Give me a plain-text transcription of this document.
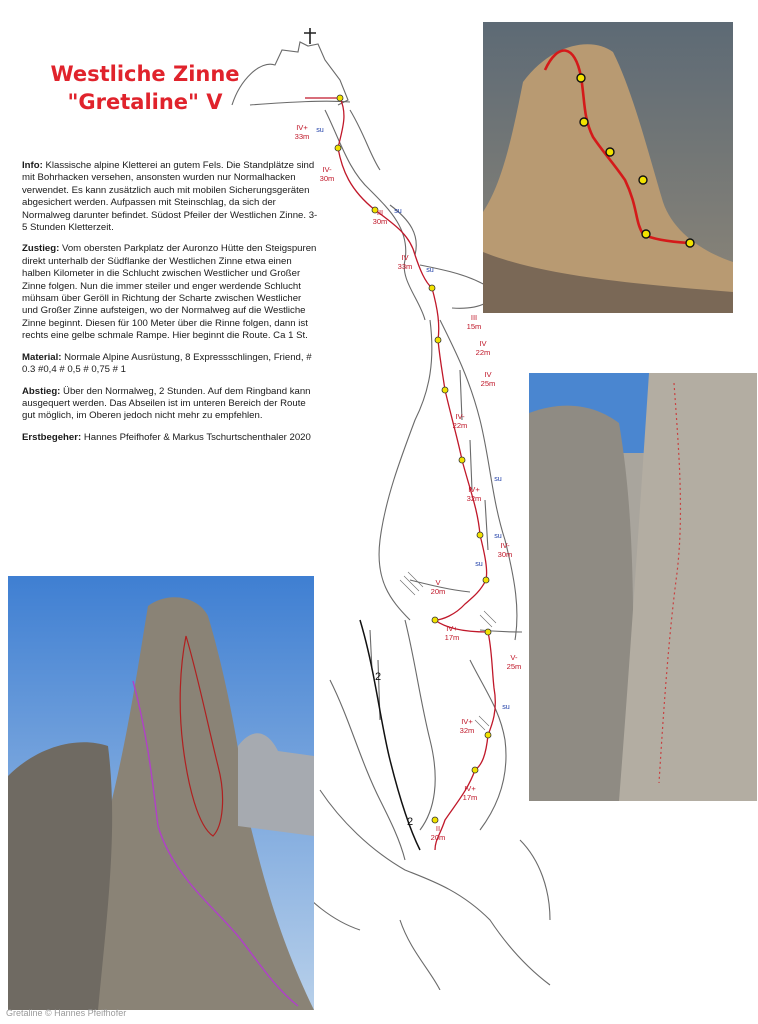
Westliche Zinne
"Gretaline" V

Info: Klassische alpine Kletterei an gutem Fels. Die Standplätze sind mit Bohrhacken versehen, ansonsten wurden nur Normalhacken verwendet. Es kann zusätzlich auch mit mobilen Sicherungsgeräten abgesichert werden. Aufpassen mit Steinschlag, da sich der Normalweg darunter befindet. Südost Pfeiler der Westlichen Zinne. 3-5 Stunden Kletterzeit.

Zustieg: Vom obersten Parkplatz der Auronzo Hütte den Steigspuren direkt unterhalb der Südflanke der Westlichen Zinne etwa einen halben Kilometer in die Schlucht zwischen Westlicher und Großer Zinne folgen. Nun die immer steiler und enger werdende Schlucht mühsam über Geröll in Richtung der Scharte zwischen Westlicher und Großer Zinne aufsteigen, wo der Normalweg auf die Westliche Zinne beginnt. Diesen für 100 Meter über die Rinne folgen, dann ist rechts eine gelbe schmale Rampe. Hier beginnt die Route. Ca 1 St.

Material: Normale Alpine Ausrüstung, 8 Expressschlingen, Friend, # 0.3 #0,4 # 0,5 # 0,75 # 1

Abstieg: Über den Normalweg, 2 Stunden. Auf dem Ringband kann ausgequert werden. Das Abseilen ist im unteren Bereich der Route gut möglich, im Oberen jedoch nicht mehr zu empfehlen.

Erstbegeher: Hannes Pfeifhofer & Markus Tschurtschenthaler 2020

2
2
IV+
33m
IV-
30m
III
30m
IV
33m
III
15m
IV
22m
IV
25m
IV-
22m
IV+
32m
IV-
30m
V
20m
IV+
17m
V-
25m
IV+
32m
IV+
17m
II
20m
su
su
su
su
su
su
su
Gretaline © Hannes Pfeifhofer
